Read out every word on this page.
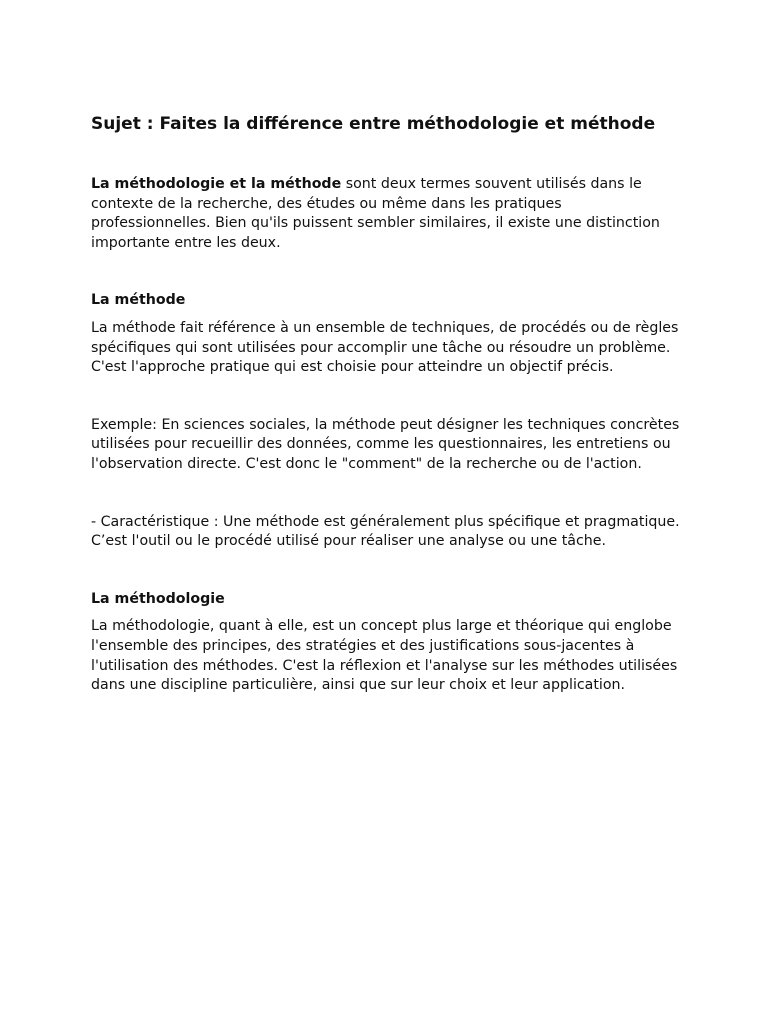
Sujet : Faites la différence entre méthodologie et méthode

La méthodologie et la méthode sont deux termes souvent utilisés dans le contexte de la recherche, des études ou même dans les pratiques professionnelles. Bien qu'ils puissent sembler similaires, il existe une distinction importante entre les deux.

La méthode

La méthode fait référence à un ensemble de techniques, de procédés ou de règles spécifiques qui sont utilisées pour accomplir une tâche ou résoudre un problème. C'est l'approche pratique qui est choisie pour atteindre un objectif précis.

Exemple: En sciences sociales, la méthode peut désigner les techniques concrètes utilisées pour recueillir des données, comme les questionnaires, les entretiens ou l'observation directe. C'est donc le "comment" de la recherche ou de l'action.

- Caractéristique : Une méthode est généralement plus spécifique et pragmatique. C’est l'outil ou le procédé utilisé pour réaliser une analyse ou une tâche.

La méthodologie

La méthodologie, quant à elle, est un concept plus large et théorique qui englobe l'ensemble des principes, des stratégies et des justifications sous-jacentes à l'utilisation des méthodes. C'est la réflexion et l'analyse sur les méthodes utilisées dans une discipline particulière, ainsi que sur leur choix et leur application.
